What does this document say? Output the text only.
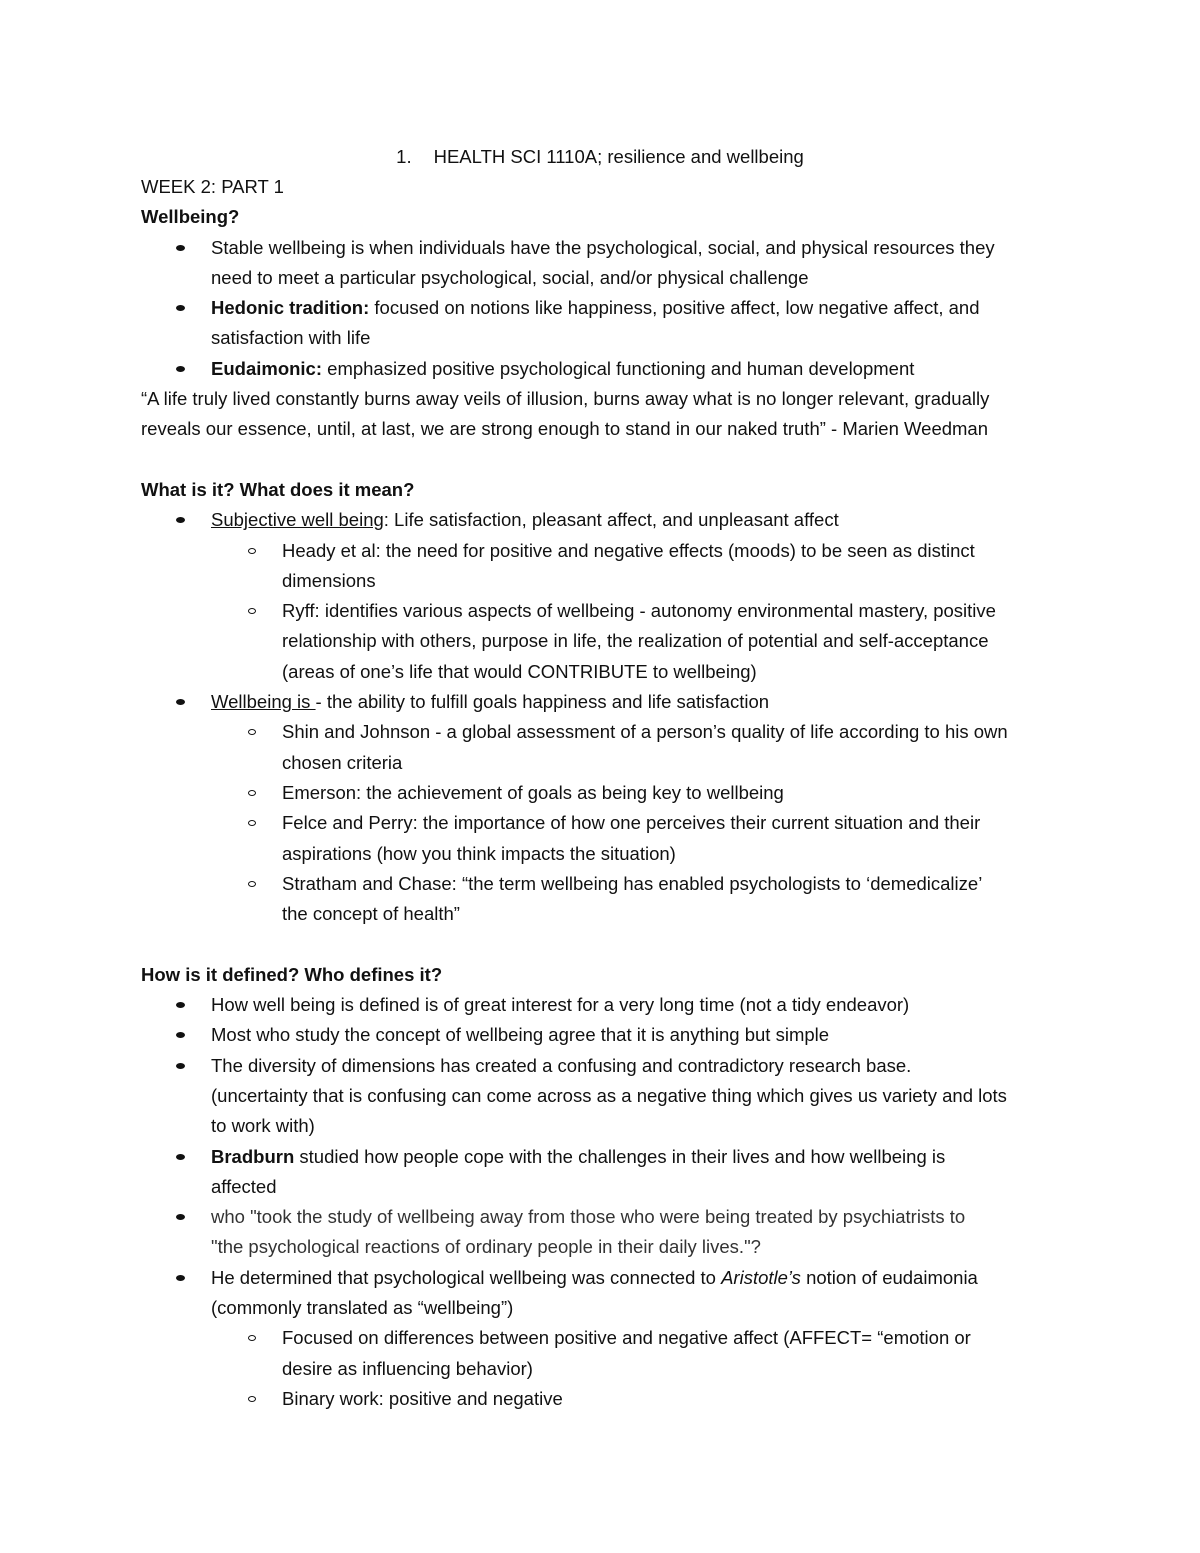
1. HEALTH SCI 1110A; resilience and wellbeing
WEEK 2: PART 1
Wellbeing?
Stable wellbeing is when individuals have the psychological, social, and physical resources they
need to meet a particular psychological, social, and/or physical challenge
Hedonic tradition: focused on notions like happiness, positive affect, low negative affect, and
satisfaction with life
Eudaimonic: emphasized positive psychological functioning and human development
“A life truly lived constantly burns away veils of illusion, burns away what is no longer relevant, gradually
reveals our essence, until, at last, we are strong enough to stand in our naked truth” - Marien Weedman
What is it? What does it mean?
Subjective well being: Life satisfaction, pleasant affect, and unpleasant affect
Heady et al: the need for positive and negative effects (moods) to be seen as distinct
dimensions
Ryff: identifies various aspects of wellbeing - autonomy environmental mastery, positive
relationship with others, purpose in life, the realization of potential and self-acceptance
(areas of one’s life that would CONTRIBUTE to wellbeing)
Wellbeing is - the ability to fulfill goals happiness and life satisfaction
Shin and Johnson - a global assessment of a person’s quality of life according to his own
chosen criteria
Emerson: the achievement of goals as being key to wellbeing
Felce and Perry: the importance of how one perceives their current situation and their
aspirations (how you think impacts the situation)
Stratham and Chase: “the term wellbeing has enabled psychologists to ‘demedicalize’
the concept of health”
How is it defined? Who defines it?
How well being is defined is of great interest for a very long time (not a tidy endeavor)
Most who study the concept of wellbeing agree that it is anything but simple
The diversity of dimensions has created a confusing and contradictory research base.
(uncertainty that is confusing can come across as a negative thing which gives us variety and lots
to work with)
Bradburn studied how people cope with the challenges in their lives and how wellbeing is
affected
who "took the study of wellbeing away from those who were being treated by psychiatrists to
"the psychological reactions of ordinary people in their daily lives."?
He determined that psychological wellbeing was connected to Aristotle’s notion of eudaimonia
(commonly translated as “wellbeing”)
Focused on differences between positive and negative affect (AFFECT= “emotion or
desire as influencing behavior)
Binary work: positive and negative
